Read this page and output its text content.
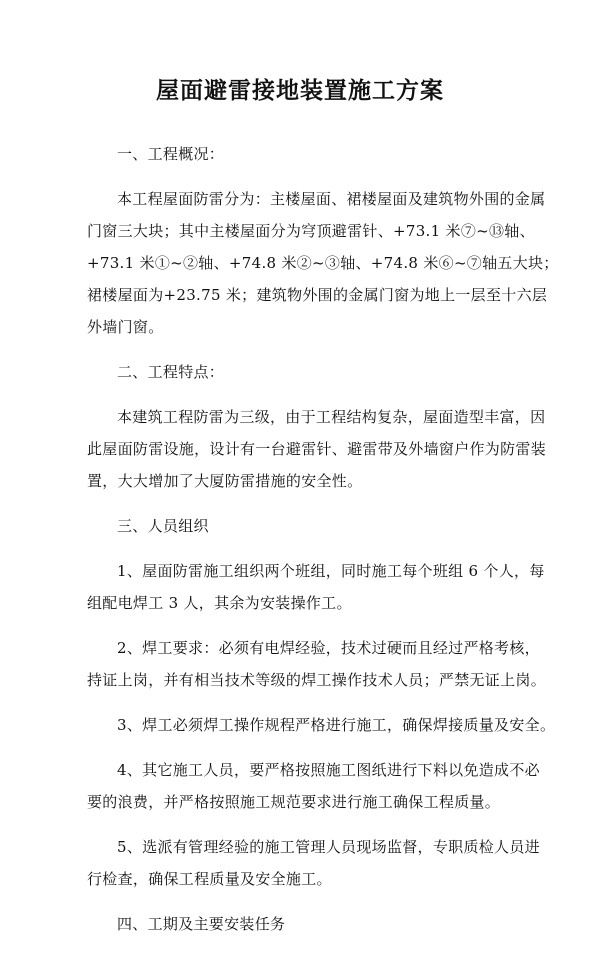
屋面避雷接地装置施工方案

一、工程概况：

本工程屋面防雷分为：主楼屋面、裙楼屋面及建筑物外围的金属
门窗三大块；其中主楼屋面分为穹顶避雷针、+73.1 米⑦~⑬轴、
+73.1 米①~②轴、+74.8 米②~③轴、+74.8 米⑥~⑦轴五大块；
裙楼屋面为+23.75 米；建筑物外围的金属门窗为地上一层至十六层
外墙门窗。

二、工程特点：

本建筑工程防雷为三级，由于工程结构复杂，屋面造型丰富，因
此屋面防雷设施，设计有一台避雷针、避雷带及外墙窗户作为防雷装
置，大大增加了大厦防雷措施的安全性。

三、人员组织

1、屋面防雷施工组织两个班组，同时施工每个班组 6 个人，每
组配电焊工 3 人，其余为安装操作工。
2、焊工要求：必须有电焊经验，技术过硬而且经过严格考核，
持证上岗，并有相当技术等级的焊工操作技术人员；严禁无证上岗。
3、焊工必须焊工操作规程严格进行施工，确保焊接质量及安全。
4、其它施工人员，要严格按照施工图纸进行下料以免造成不必
要的浪费，并严格按照施工规范要求进行施工确保工程质量。
5、选派有管理经验的施工管理人员现场监督，专职质检人员进
行检查，确保工程质量及安全施工。

四、工期及主要安装任务
